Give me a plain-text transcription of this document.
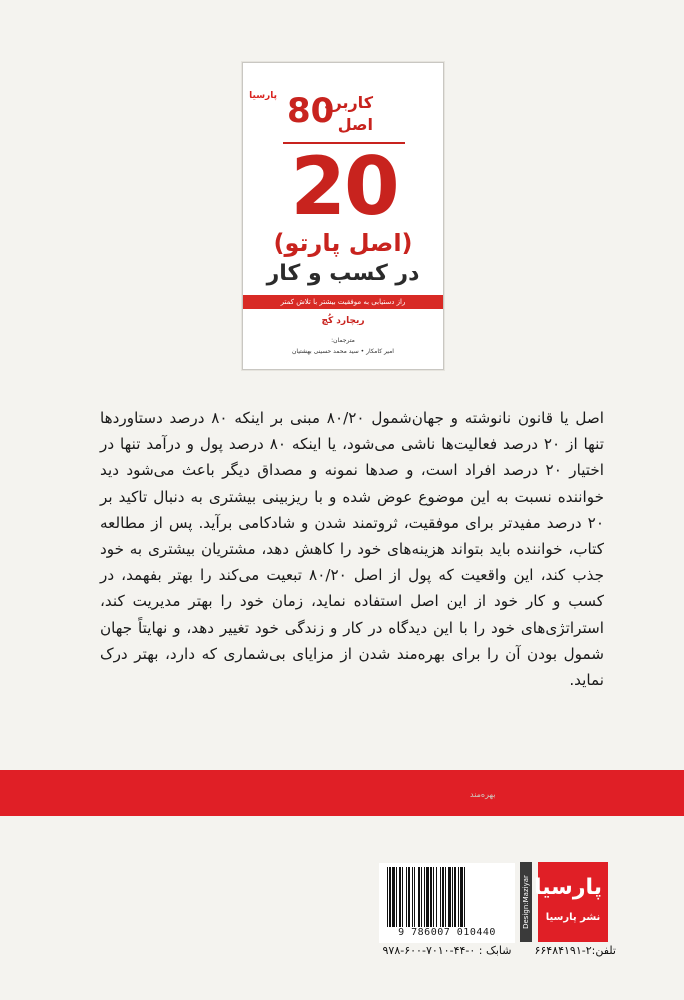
پارسیا 80
کاربرد
اصل
20
(اصل پارتو)
در کسب و کار
راز دستیابی به موفقیت بیشتر با تلاش کمتر
ریچارد کُچ
مترجمان:
امیر کامکار • سید محمد حسینی بهشتیان

اصل یا قانون نانوشته و جهان‌شمول ۸۰/۲۰ مبنی بر اینکه ۸۰ درصد دستاوردها تنها از ۲۰ درصد فعالیت‌ها ناشی می‌شود، یا اینکه ۸۰ درصد پول و درآمد تنها در اختیار ۲۰ درصد افراد است، و صدها نمونه و مصداق دیگر باعث می‌شود دید خواننده نسبت به این موضوع عوض شده و با ریزبینی بیشتری به دنبال تاکید بر ۲۰ درصد مفیدتر برای موفقیت، ثروتمند شدن و شادکامی برآید. پس از مطالعه کتاب، خواننده باید بتواند هزینه‌های خود را کاهش دهد، مشتریان بیشتری به خود جذب کند، این واقعیت که پول از اصل ۸۰/۲۰ تبعیت می‌کند را بهتر بفهمد، در کسب و کار خود از این اصل استفاده نماید، زمان خود را بهتر مدیریت کند، استراتژی‌های خود را با این دیدگاه در کار و زندگی خود تغییر دهد، و نهایتاً جهان شمول بودن آن را برای بهره‌مند شدن از مزایای بی‌شماری که دارد، بهتر درک نماید.

بهره‌مند
9 786007 010440
شابک : ۰-۴۴-۷۰۱۰-۶۰۰-۹۷۸
Design:Maziyar پارسیا
نشر پارسیا
تلفن:۲-۶۶۴۸۴۱۹۱
